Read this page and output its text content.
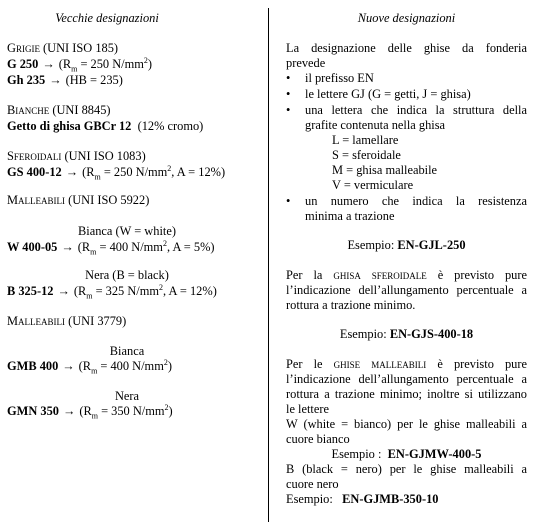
Vecchie designazioni
Grigie (UNI ISO 185)
G $250 \to (R_m = 250$ $N/mm^2$)
Gh 235 → (HB = 235)
Bianche (UNI 8845)
Getto di ghisa GBCr 12 (12% cromo)
Sferoidali (UNI ISO 1083)
GS $400-12 \to (R_m = 250$ $N/mm^2$, A = 12%)
Malleabili (UNI ISO 5922)
Bianca (W = white)
W $400-05 \to (R_m = 400$ $N/mm^2$, A = 5%)
Nera (B = black)
B $325-12 \to (R_m = 325$ $N/mm^2$, A = 12%)
Malleabili (UNI 3779)
Bianca
GMB $400 \to (R_m = 400$ $N/mm^2$)
Nera
GMN $350 \to (R_m = 350$ $N/mm^2$)
Nuove designazioni
La designazione delle ghise da fonderia
prevede
• il prefisso EN
• le lettere GJ (G = getti, J = ghisa)
• una lettera che indica la struttura della
grafite contenuta nella ghisa
L = lamellare
S = sferoidale
M = ghisa malleabile
V = vermiculare
• un numero che indica la resistenza
minima a trazione
Esempio: EN-GJL-250
Per la ghisa sferoidale è previsto pure
l’indicazione dell’allungamento percentuale a
rottura a trazione minimo.
Esempio: EN-GJS-400-18
Per le ghise malleabili è previsto pure
l’indicazione dell’allungamento percentuale a
rottura a trazione minimo; inoltre si utilizzano
le lettere
W (white = bianco) per le ghise malleabili a
cuore bianco
Esempio : EN-GJMW-400-5
B (black = nero) per le ghise malleabili a
cuore nero
Esempio: EN-GJMB-350-10
